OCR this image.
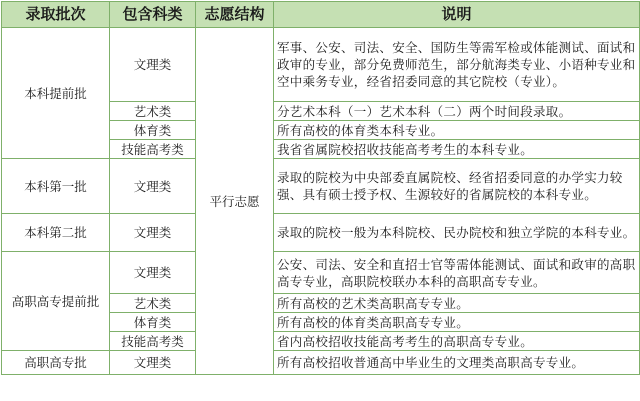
录取批次	包含科类	志愿结构	说明
本科提前批	文理类	平行志愿	军事、公安、司法、安全、国防生等需军检或体能测试、面试和政审的专业，部分免费师范生，部分航海类专业、小语种专业和空中乘务专业，经省招委同意的其它院校（专业）。
	艺术类		分艺术本科（一）艺术本科（二）两个时间段录取。
	体育类		所有高校的体育类本科专业。
	技能高考类		我省省属院校招收技能高考考生的本科专业。
本科第一批	文理类		录取的院校为中央部委直属院校、经省招委同意的办学实力较强、具有硕士授予权、生源较好的省属院校的本科专业。
本科第二批	文理类		录取的院校一般为本科院校、民办院校和独立学院的本科专业。
高职高专提前批	文理类		公安、司法、安全和直招士官等需体能测试、面试和政审的高职高专专业，高职院校联办本科的高职高专专业。
	艺术类		所有高校的艺术类高职高专专业。
	体育类		所有高校的体育类高职高专专业。
	技能高考类		省内高校招收技能高考考生的高职高专专业。
高职高专批	文理类		所有高校招收普通高中毕业生的文理类高职高专专业。
